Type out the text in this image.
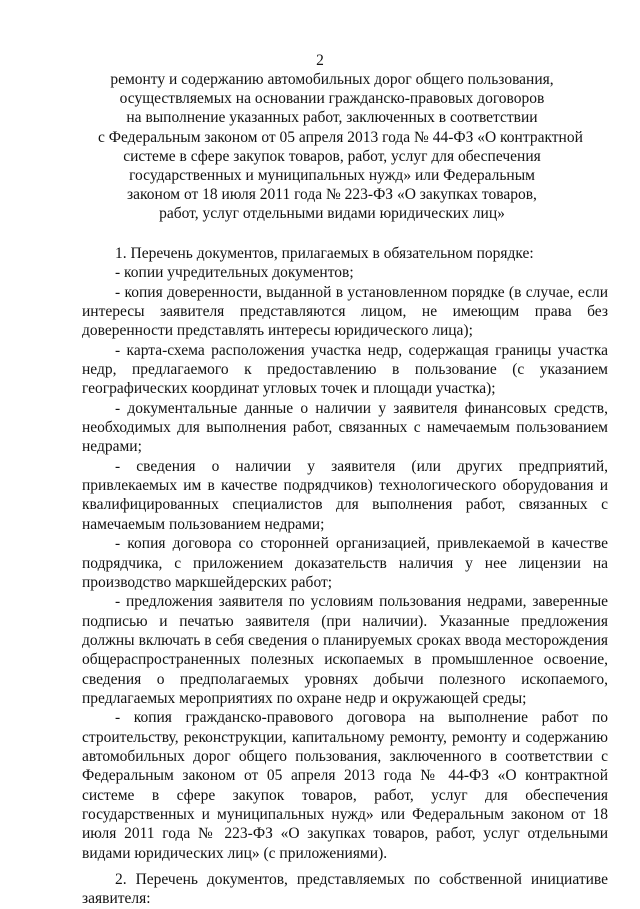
2
ремонту и содержанию автомобильных дорог общего пользования,
осуществляемых на основании гражданско-правовых договоров
на выполнение указанных работ, заключенных в соответствии
с Федеральным законом от 05 апреля 2013 года № 44-ФЗ «О контрактной
системе в сфере закупок товаров, работ, услуг для обеспечения
государственных и муниципальных нужд» или Федеральным
законом от 18 июля 2011 года № 223-ФЗ «О закупках товаров,
работ, услуг отдельными видами юридических лиц»

1. Перечень документов, прилагаемых в обязательном порядке:

- копии учредительных документов;

- копия доверенности, выданной в установленном порядке (в случае, если интересы заявителя представляются лицом, не имеющим права без доверенности представлять интересы юридического лица);

- карта-схема расположения участка недр, содержащая границы участка недр, предлагаемого к предоставлению в пользование (с указанием географических координат угловых точек и площади участка);

- документальные данные о наличии у заявителя финансовых средств, необходимых для выполнения работ, связанных с намечаемым пользованием недрами;

- сведения о наличии у заявителя (или других предприятий, привлекаемых им в качестве подрядчиков) технологического оборудования и квалифицированных специалистов для выполнения работ, связанных с намечаемым пользованием недрами;

- копия договора со сторонней организацией, привлекаемой в качестве подрядчика, с приложением доказательств наличия у нее лицензии на производство маркшейдерских работ;

- предложения заявителя по условиям пользования недрами, заверенные подписью и печатью заявителя (при наличии). Указанные предложения должны включать в себя сведения о планируемых сроках ввода месторождения общераспространенных полезных ископаемых в промышленное освоение, сведения о предполагаемых уровнях добычи полезного ископаемого, предлагаемых мероприятиях по охране недр и окружающей среды;

- копия гражданско-правового договора на выполнение работ по строительству, реконструкции, капитальному ремонту, ремонту и содержанию автомобильных дорог общего пользования, заключенного в соответствии с Федеральным законом от 05 апреля 2013 года № 44-ФЗ «О контрактной системе в сфере закупок товаров, работ, услуг для обеспечения государственных и муниципальных нужд» или Федеральным законом от 18 июля 2011 года № 223-ФЗ «О закупках товаров, работ, услуг отдельными видами юридических лиц» (с приложениями).

2. Перечень документов, представляемых по собственной инициативе заявителя:
